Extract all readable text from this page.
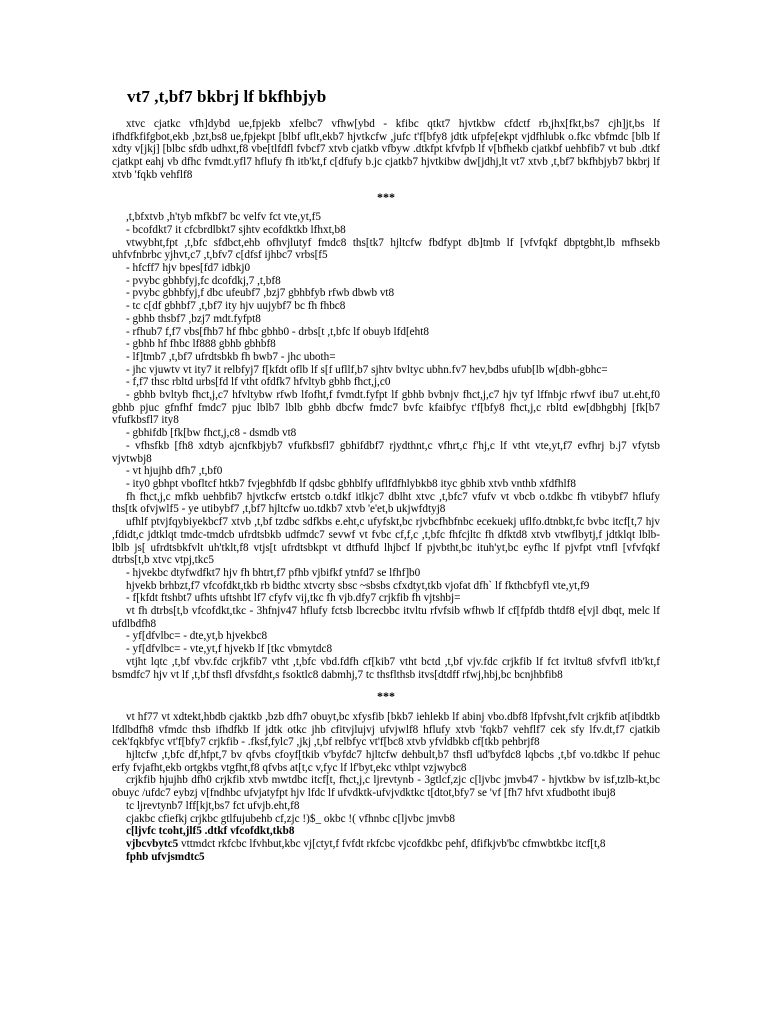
vt7 ,t,bf7 bkbrj lf bkfhbjyb

xtvc cjatkc vfh]dybd ue,fpjekb xfelbc7 vfhw[ybd - kfibc qtkt7 hjvtkbw cfdctf rb,jhx[fkt,bs7 cjh]jt,bs lf ifhdfkfifgbot,ekb ,bzt,bs8 ue,fpjekpt [blbf uflt,ekb7 hjvtkcfw ,jufc t'f[bfy8 jdtk ufpfe[ekpt vjdfhlubk o.fkc vbfmdc [blb lf xdty v[jkj] [blbc sfdb udhxt,f8 vbe[tlfdfl fvbcf7 xtvb cjatkb vfbyw .dtkfpt kfvfpb lf v[bfhekb cjatkbf uehbfib7 vt bub .dtkf cjatkpt eahj vb dfhc fvmdt.yfl7 hflufy fh itb'kt,f c[dfufy b.jc cjatkb7 hjvtkibw dw[jdhj,lt vt7 xtvb ,t,bf7 bkfhbjyb7 bkbrj lf xtvb 'fqkb vehflf8

***

,t,bfxtvb ,h'tyb mfkbf7 bc velfv fct vte,yt,f5

- bcofdkt7 it cfcbrdlbkt7 sjhtv ecofdktkb lfhxt,b8

vtwybht,fpt ,t,bfc sfdbct,ehb ofhvjlutyf fmdc8 ths[tk7 hjltcfw fbdfypt db]tmb lf [vfvfqkf dbptgbht,lb mfhsekb uhfvfnbrbc yjhvt,c7 ,t,bfv7 c[dfsf ijhbc7 vrbs[f5

- hfcff7 hjv bpes[fd7 idbkj0

- pvybc gbhbfyj,fc dcofdkj,7 ,t,bf8

- pvybc gbhbfyj,f dbc ufeubf7 ,bzj7 gbhbfyb rfwb dbwb vt8

- tc c[df gbhbf7 ,t,bf7 ity hjv uujybf7 bc fh fhbc8

- gbhb thsbf7 ,bzj7 mdt.fyfpt8

- rfhub7 f,f7 vbs[fhb7 hf fhbc gbhb0 - drbs[t ,t,bfc lf obuyb lfd[eht8

- gbhb hf fhbc lf888 gbhb gbhbf8

- lf]tmb7 ,t,bf7 ufrdtsbkb fh bwb7 - jhc uboth=

- jhc vjuwtv vt ity7 it relbfyj7 f[kfdt oflb lf s[f ufllf,b7 sjhtv bvltyc ubhn.fv7 hev,bdbs ufub[lb w[dbh-gbhc=

- f,f7 thsc rbltd urbs[fd lf vtht ofdfk7 hfvltyb gbhb fhct,j,c0

- gbhb bvltyb fhct,j,c7 hfvltybw rfwb lfofht,f fvmdt.fyfpt lf gbhb bvbnjv fhct,j,c7 hjv tyf lffnbjc rfwvf ibu7 ut.eht,f0 gbhb pjuc gfnfhf fmdc7 pjuc lblb7 lblb gbhb dbcfw fmdc7 bvfc kfaibfyc t'f[bfy8 fhct,j,c rbltd ew[dbhgbhj [fk[b7 vfufkbsfl7 ity8

- gbhifdb [fk[bw fhct,j,c8 - dsmdb vt8

- vfhsfkb [fh8 xdtyb ajcnfkbjyb7 vfufkbsfl7 gbhifdbf7 rjydthnt,c vfhrt,c f'hj,c lf vtht vte,yt,f7 evfhrj b.j7 vfytsb vjvtwbj8

- vt hjujhb dfh7 ,t,bf0

- ity0 gbhpt vbofltcf htkb7 fvjegbhfdb lf qdsbc gbhblfy uflfdfhlybkb8 ityc gbhib xtvb vnthb xfdfhlf8

fh fhct,j,c mfkb uehbfib7 hjvtkcfw ertstcb o.tdkf itlkjc7 dblht xtvc ,t,bfc7 vfufv vt vbcb o.tdkbc fh vtibybf7 hflufy ths[tk ofvjwlf5 - ye utibybf7 ,t,bf7 hjltcfw uo.tdkb7 xtvb 'e'et,b ukjwfdtyj8

ufhlf ptvjfqybiyekbcf7 xtvb ,t,bf tzdbc sdfkbs e.eht,c ufyfskt,bc rjvbcfhbfnbc ecekuekj uflfo.dtnbkt,fc bvbc itcf[t,7 hjv ,fdidt,c jdtklqt tmdc-tmdcb ufrdtsbkb udfmdc7 sevwf vt fvbc cf,f,c ,t,bfc fhfcjltc fh dfktd8 xtvb vtwflbytj,f jdtklqt lblb-lblb js[ ufrdtsbkfvlt uh'tklt,f8 vtjs[t ufrdtsbkpt vt dtfhufd lhjbcf lf pjvbtht,bc ituh'yt,bc eyfhc lf pjvfpt vtnfl [vfvfqkf dtrbs[t,b xtvc vtpj,tkc5

- hjvekbc dtyfwdfkt7 hjv fh bhtrt,f7 pfhb vjbifkf ytnfd7 se lfhf]b0

hjvekb brhbzt,f7 vfcofdkt,tkb rb bidthc xtvcrty sbsc ~sbsbs cfxdtyt,tkb vjofat dfh` lf fkthcbfyfl vte,yt,f9

- f[kfdt ftshbt7 ufhts uftshbt lf7 cfyfv vij,tkc fh vjb.dfy7 crjkfib fh vjtshbj=

vt fh dtrbs[t,b vfcofdkt,tkc - 3hfnjv47 hflufy fctsb lbcrecbbc itvltu rfvfsib wfhwb lf cf[fpfdb thtdf8 e[vjl dbqt, melc lf ufdlbdfh8

- yf[dfvlbc= - dte,yt,b hjvekbc8

- yf[dfvlbc= - vte,yt,f hjvekb lf [tkc vbmytdc8

vtjht lqtc ,t,bf vbv.fdc crjkfib7 vtht ,t,bfc vbd.fdfh cf[kib7 vtht bctd ,t,bf vjv.fdc crjkfib lf fct itvltu8 sfvfvfl itb'kt,f bsmdfc7 hjv vt lf ,t,bf thsfl dfvsfdht,s fsoktlc8 dabmhj,7 tc thsflthsb itvs[dtdff rfwj,hbj,bc bcnjhbfib8

***

vt hf77 vt xdtekt,hbdb cjaktkb ,bzb dfh7 obuyt,bc xfysfib [bkb7 iehlekb lf abinj vbo.dbf8 lfpfvsht,fvlt crjkfib at[ibdtkb lfdlbdfh8 vfmdc thsb ifhdfkb lf jdtk otkc jhb cfitvjlujvj ufvjwlf8 hflufy xtvb 'fqkb7 vehflf7 cek sfy lfv.dt,f7 cjatkib cek'fqkbfyc vt'f[bfy7 crjkfib - .fksf,fylc7 ,jkj ,t,bf relbfyc vt'f[bc8 xtvb yfvldbkb cf[tkb pehbrjf8

hjltcfw ,t,bfc df,hfpt,7 bv qfvbs cfoyf[tkib v'byfdc7 hjltcfw dehbult,b7 thsfl ud'byfdc8 lqbcbs ,t,bf vo.tdkbc lf pehuc erfy fvjafht,ekb ortgkbs vtgfht,f8 qfvbs at[t,c v,fyc lf lf'byt,ekc vthlpt vzjwybc8

crjkfib hjujhb dfh0 crjkfib xtvb mwtdbc itcf[t, fhct,j,c ljrevtynb - 3gtlcf,zjc c[ljvbc jmvb47 - hjvtkbw bv isf,tzlb-kt,bc obuyc /ufdc7 eybzj v[fndhbc ufvjatyfpt hjv lfdc lf ufvdktk-ufvjvdktkc t[dtot,bfy7 se 'vf [fh7 hfvt xfudbotht ibuj8

tc ljrevtynb7 lff[kjt,bs7 fct ufvjb.eht,f8

cjakbc cfiefkj crjkbc gtlfujubehb cf,zjc !)$_ okbc !( vfhnbc c[ljvbc jmvb8

c[ljvfc tcoht,jlf5 .dtkf vfcofdkt,tkb8

vjbcvbytc5 vttmdct rkfcbc lfvhbut,kbc vj[ctyt,f fvfdt rkfcbc vjcofdkbc pehf, dfifkjvb'bc cfmwbtkbc itcf[t,8

fphb ufvjsmdtc5
